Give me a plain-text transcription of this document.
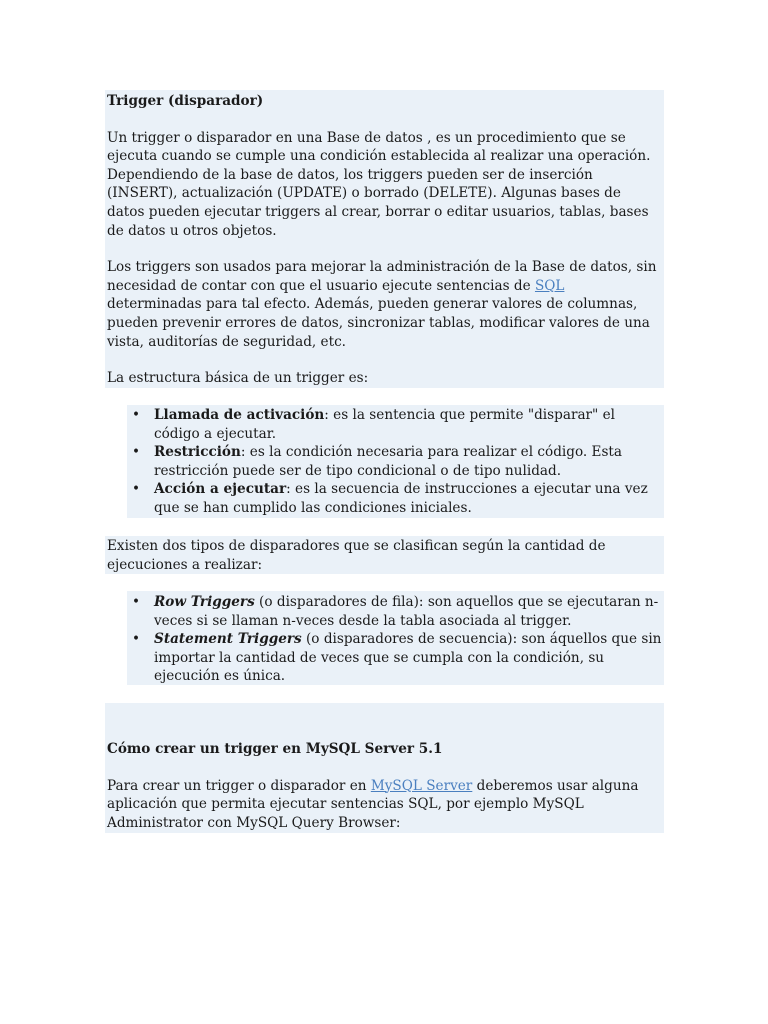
Trigger (disparador)

Un trigger o disparador en una Base de datos , es un procedimiento que se ejecuta cuando se cumple una condición establecida al realizar una operación. Dependiendo de la base de datos, los triggers pueden ser de inserción (INSERT), actualización (UPDATE) o borrado (DELETE). Algunas bases de datos pueden ejecutar triggers al crear, borrar o editar usuarios, tablas, bases de datos u otros objetos.

Los triggers son usados para mejorar la administración de la Base de datos, sin necesidad de contar con que el usuario ejecute sentencias de SQL determinadas para tal efecto. Además, pueden generar valores de columnas, pueden prevenir errores de datos, sincronizar tablas, modificar valores de una vista, auditorías de seguridad, etc.

La estructura básica de un trigger es:

• Llamada de activación: es la sentencia que permite "disparar" el código a ejecutar.
• Restricción: es la condición necesaria para realizar el código. Esta restricción puede ser de tipo condicional o de tipo nulidad.
• Acción a ejecutar: es la secuencia de instrucciones a ejecutar una vez que se han cumplido las condiciones iniciales.

Existen dos tipos de disparadores que se clasifican según la cantidad de ejecuciones a realizar:

• Row Triggers (o disparadores de fila): son aquellos que se ejecutaran n-veces si se llaman n-veces desde la tabla asociada al trigger.
• Statement Triggers (o disparadores de secuencia): son áquellos que sin importar la cantidad de veces que se cumpla con la condición, su ejecución es única.

Cómo crear un trigger en MySQL Server 5.1

Para crear un trigger o disparador en MySQL Server deberemos usar alguna aplicación que permita ejecutar sentencias SQL, por ejemplo MySQL Administrator con MySQL Query Browser:
